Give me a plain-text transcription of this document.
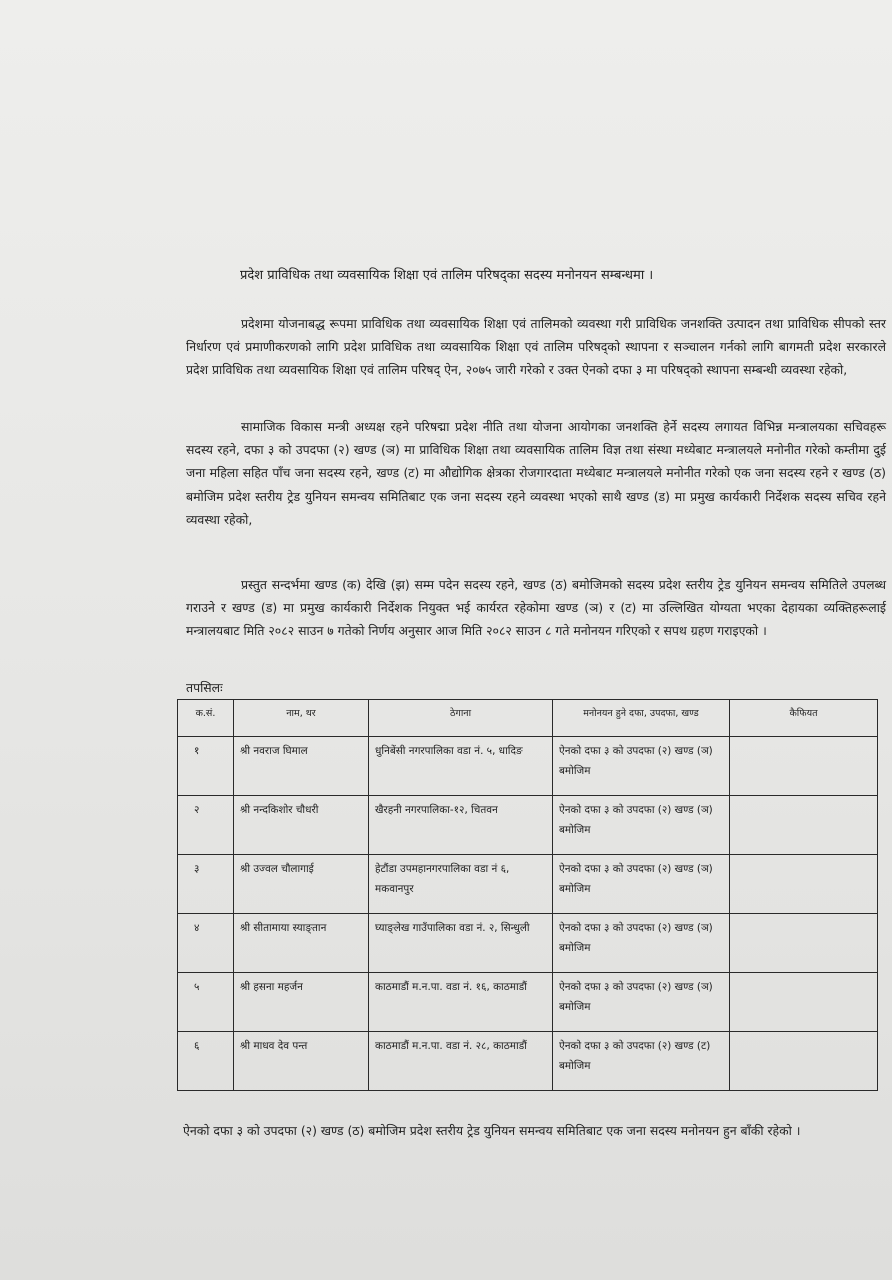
प्रदेश प्राविधिक तथा व्यवसायिक शिक्षा एवं तालिम परिषद्का सदस्य मनोनयन सम्बन्धमा ।

प्रदेशमा योजनाबद्ध रूपमा प्राविधिक तथा व्यवसायिक शिक्षा एवं तालिमको व्यवस्था गरी प्राविधिक जनशक्ति उत्पादन तथा प्राविधिक सीपको स्तर निर्धारण एवं प्रमाणीकरणको लागि प्रदेश प्राविधिक तथा व्यवसायिक शिक्षा एवं तालिम परिषद्को स्थापना र सञ्चालन गर्नको लागि बागमती प्रदेश सरकारले प्रदेश प्राविधिक तथा व्यवसायिक शिक्षा एवं तालिम परिषद् ऐन, २०७५ जारी गरेको र उक्त ऐनको दफा ३ मा परिषद्को स्थापना सम्बन्धी व्यवस्था रहेको,

सामाजिक विकास मन्त्री अध्यक्ष रहने परिषद्मा प्रदेश नीति तथा योजना आयोगका जनशक्ति हेर्ने सदस्य लगायत विभिन्न मन्त्रालयका सचिवहरू सदस्य रहने, दफा ३ को उपदफा (२) खण्ड (ञ) मा प्राविधिक शिक्षा तथा व्यवसायिक तालिम विज्ञ तथा संस्था मध्येबाट मन्त्रालयले मनोनीत गरेको कम्तीमा दुई जना महिला सहित पाँच जना सदस्य रहने, खण्ड (ट) मा औद्योगिक क्षेत्रका रोजगारदाता मध्येबाट मन्त्रालयले मनोनीत गरेको एक जना सदस्य रहने र खण्ड (ठ) बमोजिम प्रदेश स्तरीय ट्रेड युनियन समन्वय समितिबाट एक जना सदस्य रहने व्यवस्था भएको साथै खण्ड (ड) मा प्रमुख कार्यकारी निर्देशक सदस्य सचिव रहने व्यवस्था रहेको,

प्रस्तुत सन्दर्भमा खण्ड (क) देखि (झ) सम्म पदेन सदस्य रहने, खण्ड (ठ) बमोजिमको सदस्य प्रदेश स्तरीय ट्रेड युनियन समन्वय समितिले उपलब्ध गराउने र खण्ड (ड) मा प्रमुख कार्यकारी निर्देशक नियुक्त भई कार्यरत रहेकोमा खण्ड (ञ) र (ट) मा उल्लिखित योग्यता भएका देहायका व्यक्तिहरूलाई मन्त्रालयबाट मिति २०८२ साउन ७ गतेको निर्णय अनुसार आज मिति २०८२ साउन ८ गते मनोनयन गरिएको र सपथ ग्रहण गराइएको ।

तपसिलः
क.सं.	नाम, थर	ठेगाना	मनोनयन हुने दफा, उपदफा, खण्ड	कैफियत
१	श्री नवराज घिमाल	धुनिबेंसी नगरपालिका वडा नं. ५, धादिङ	ऐनको दफा ३ को उपदफा (२) खण्ड (ञ) बमोजिम	
२	श्री नन्दकिशोर चौधरी	खैरहनी नगरपालिका-१२, चितवन	ऐनको दफा ३ को उपदफा (२) खण्ड (ञ) बमोजिम	
३	श्री उज्वल चौलागाई	हेटौंडा उपमहानगरपालिका वडा नं ६, मकवानपुर	ऐनको दफा ३ को उपदफा (२) खण्ड (ञ) बमोजिम	
४	श्री सीतामाया स्याङ्तान	घ्याङ्लेख गाउँपालिका वडा नं. २, सिन्धुली	ऐनको दफा ३ को उपदफा (२) खण्ड (ञ) बमोजिम	
५	श्री हसना महर्जन	काठमाडौं म.न.पा. वडा नं. १६, काठमाडौं	ऐनको दफा ३ को उपदफा (२) खण्ड (ञ) बमोजिम	
६	श्री माधव देव पन्त	काठमाडौं म.न.पा. वडा नं. २८, काठमाडौं	ऐनको दफा ३ को उपदफा (२) खण्ड (ट) बमोजिम	
ऐनको दफा ३ को उपदफा (२) खण्ड (ठ) बमोजिम प्रदेश स्तरीय ट्रेड युनियन समन्वय समितिबाट एक जना सदस्य मनोनयन हुन बाँकी रहेको ।
